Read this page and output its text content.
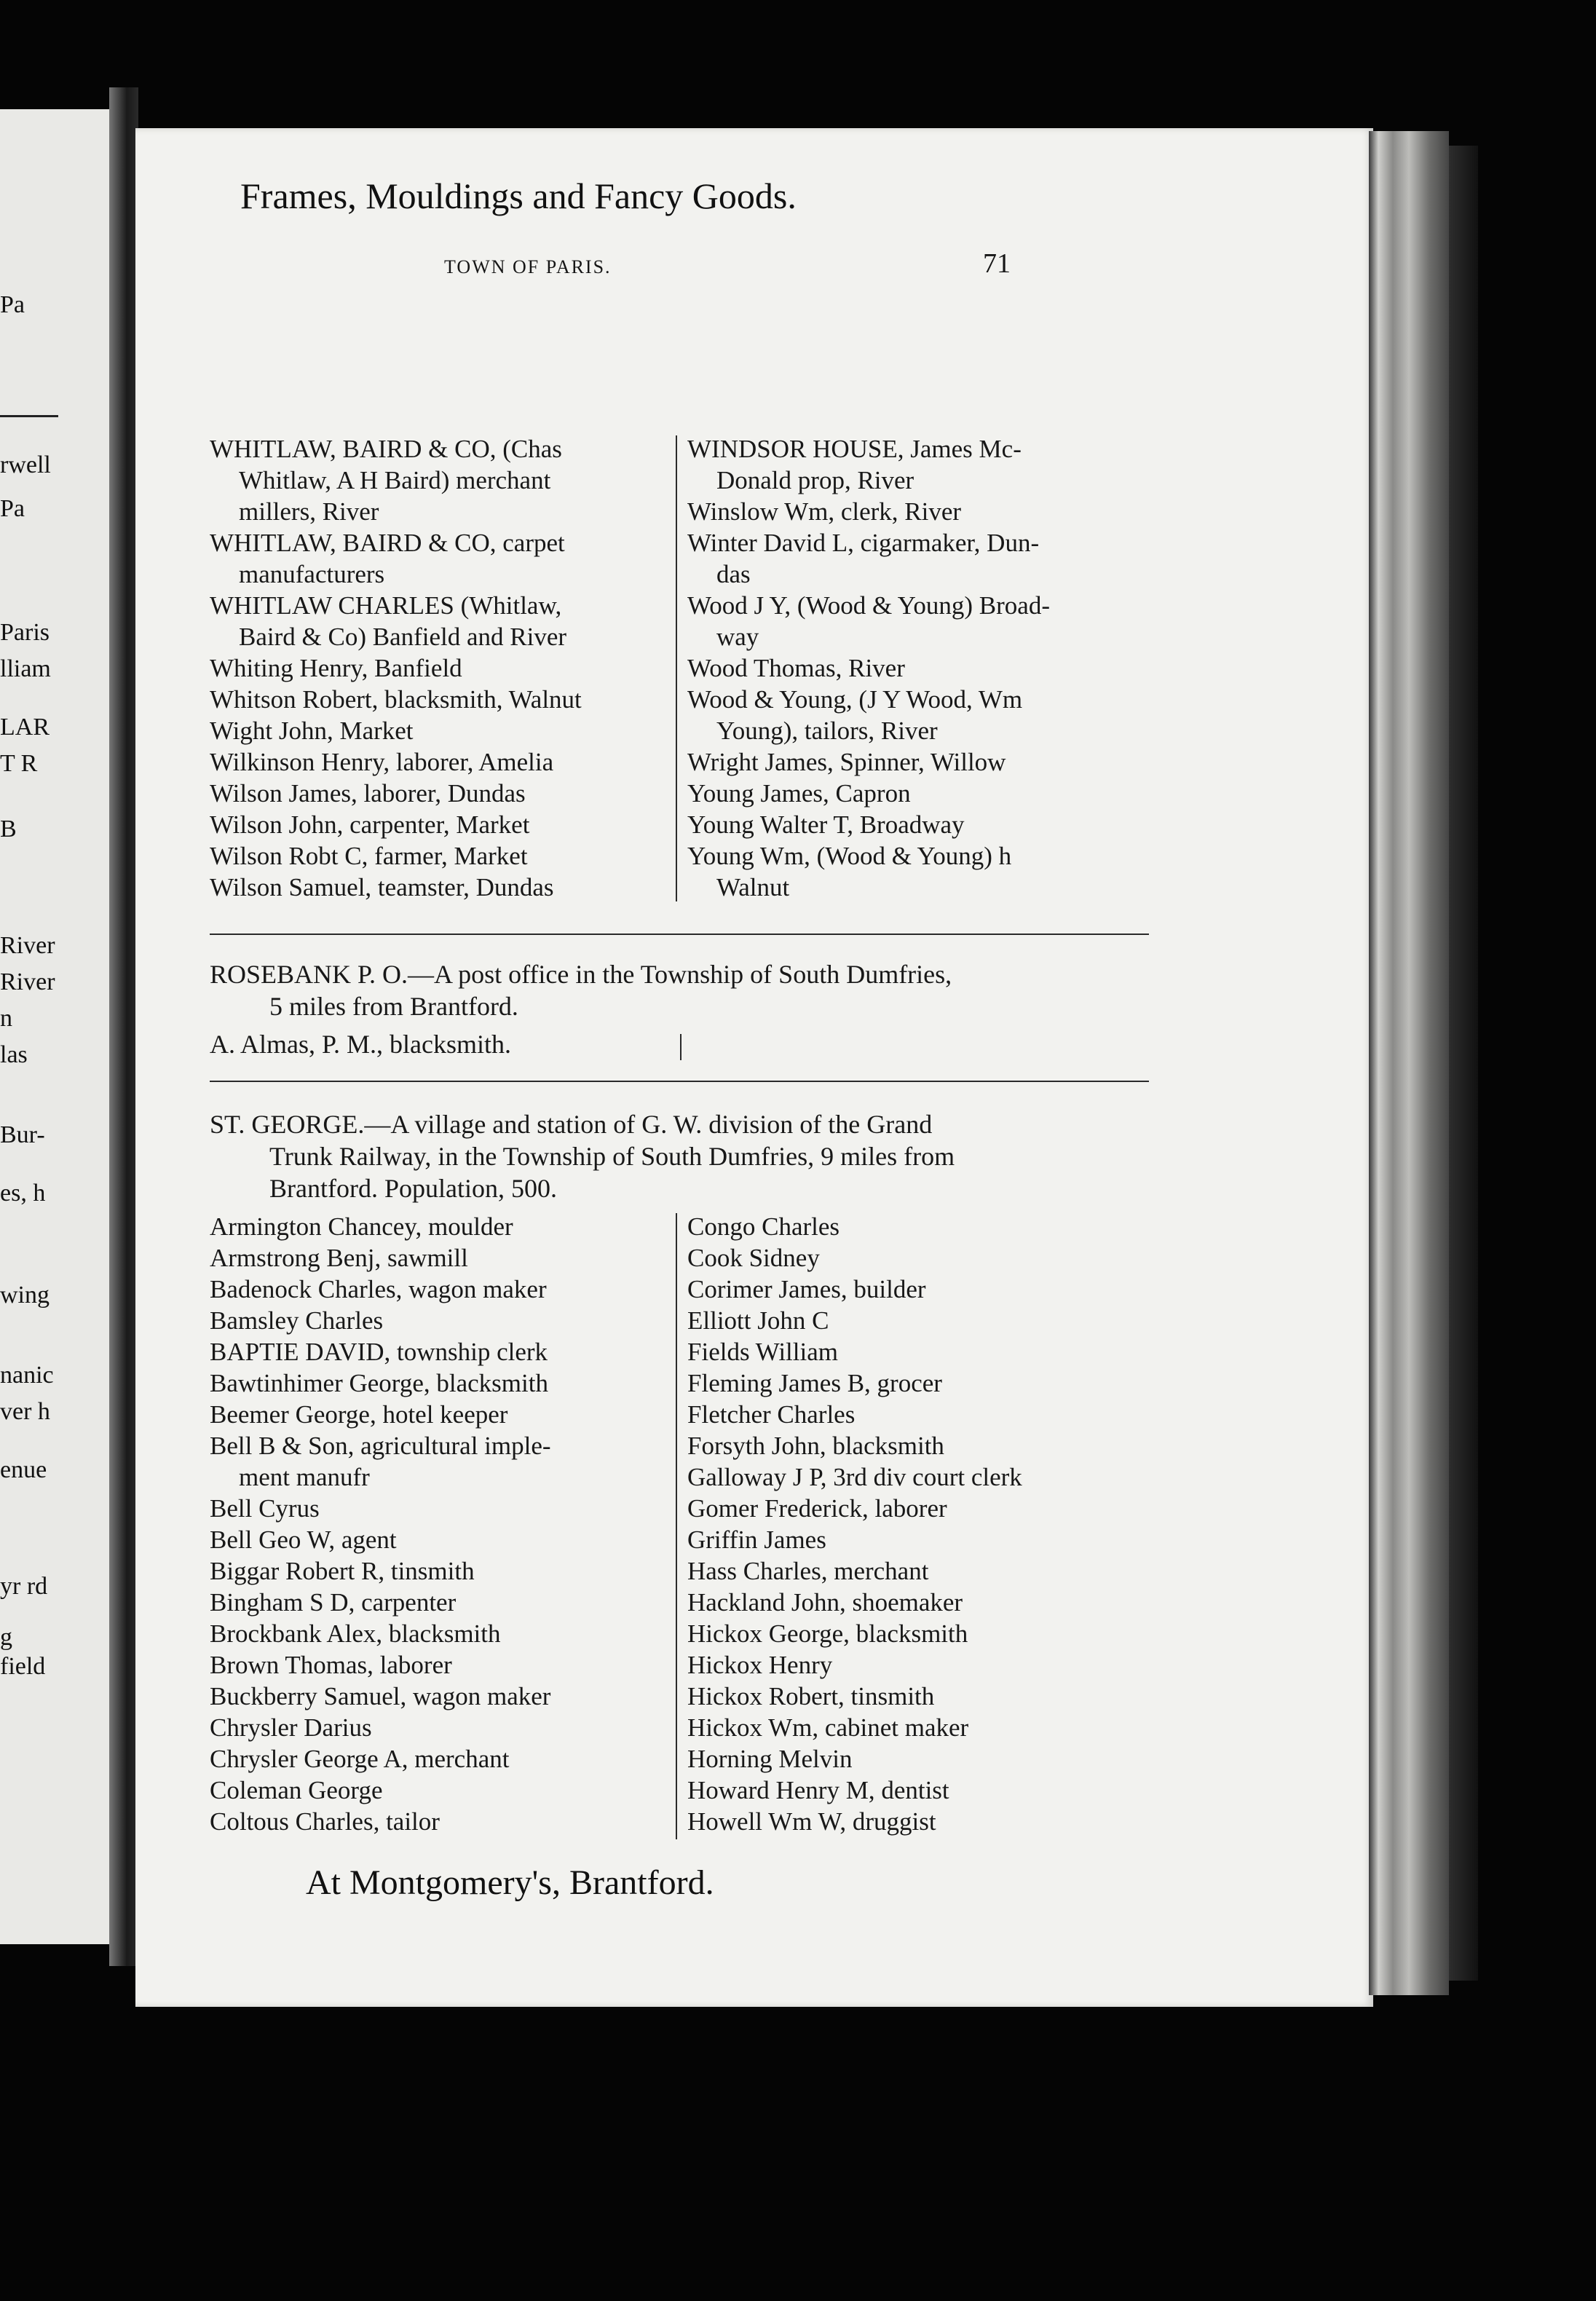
Pa
rwell
Pa
Paris
lliam
LAR
T R
B
River
River
n
las
Bur-
es, h
wing
nanic
ver h
enue
yr rd
g
field
Frames, Mouldings and Fancy Goods.
TOWN OF PARIS.	71
WHITLAW, BAIRD & CO, (Chas
Whitlaw, A H Baird) merchant
millers, River
WHITLAW, BAIRD & CO, carpet
manufacturers
WHITLAW CHARLES (Whitlaw,
Baird & Co) Banfield and River
Whiting Henry, Banfield
Whitson Robert, blacksmith, Walnut
Wight John, Market
Wilkinson Henry, laborer, Amelia
Wilson James, laborer, Dundas
Wilson John, carpenter, Market
Wilson Robt C, farmer, Market
Wilson Samuel, teamster, Dundas
WINDSOR HOUSE, James Mc-
Donald prop, River
Winslow Wm, clerk, River
Winter David L, cigarmaker, Dun-
das
Wood J Y, (Wood & Young) Broad-
way
Wood Thomas, River
Wood & Young, (J Y Wood, Wm
Young), tailors, River
Wright James, Spinner, Willow
Young James, Capron
Young Walter T, Broadway
Young Wm, (Wood & Young) h
Walnut
ROSEBANK P. O.—A post office in the Township of South Dumfries,
5 miles from Brantford.
A. Almas, P. M., blacksmith.
ST. GEORGE.—A village and station of G. W. division of the Grand
Trunk Railway, in the Township of South Dumfries, 9 miles from
Brantford. Population, 500.
Armington Chancey, moulder
Armstrong Benj, sawmill
Badenock Charles, wagon maker
Bamsley Charles
BAPTIE DAVID, township clerk
Bawtinhimer George, blacksmith
Beemer George, hotel keeper
Bell B & Son, agricultural imple-
ment manufr
Bell Cyrus
Bell Geo W, agent
Biggar Robert R, tinsmith
Bingham S D, carpenter
Brockbank Alex, blacksmith
Brown Thomas, laborer
Buckberry Samuel, wagon maker
Chrysler Darius
Chrysler George A, merchant
Coleman George
Coltous Charles, tailor
Congo Charles
Cook Sidney
Corimer James, builder
Elliott John C
Fields William
Fleming James B, grocer
Fletcher Charles
Forsyth John, blacksmith
Galloway J P, 3rd div court clerk
Gomer Frederick, laborer
Griffin James
Hass Charles, merchant
Hackland John, shoemaker
Hickox George, blacksmith
Hickox Henry
Hickox Robert, tinsmith
Hickox Wm, cabinet maker
Horning Melvin
Howard Henry M, dentist
Howell Wm W, druggist
At Montgomery's, Brantford.
